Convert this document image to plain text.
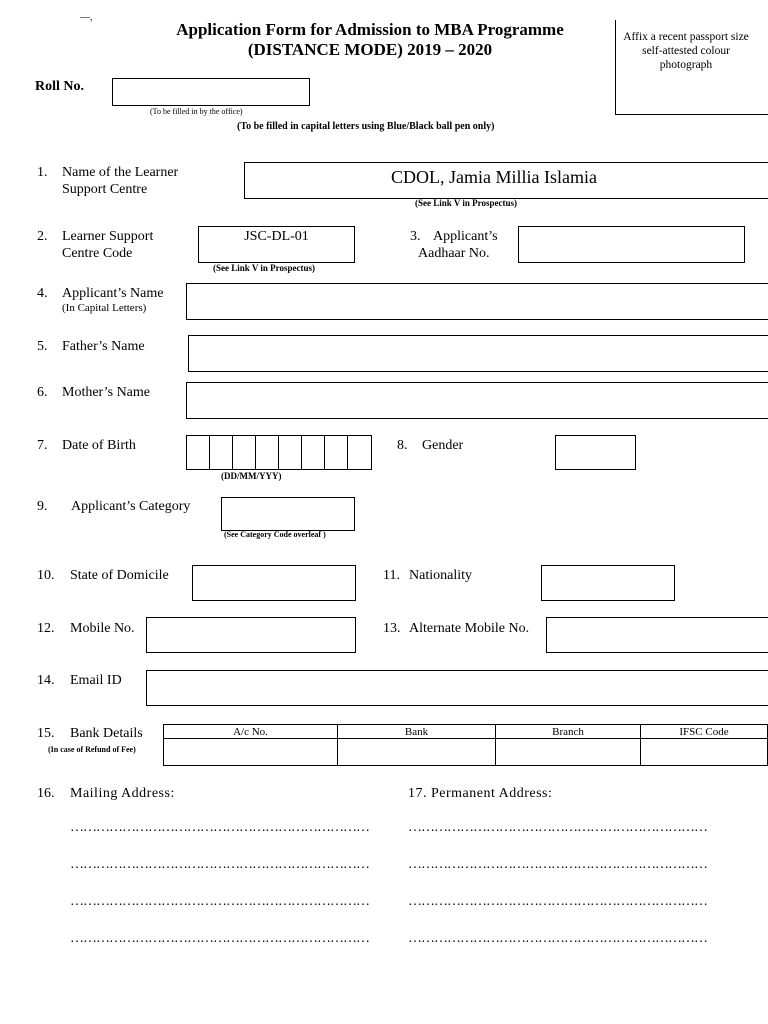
—,
Application Form for Admission to MBA Programme
(DISTANCE MODE) 2019 – 2020
Affix a recent passport size self-attested colour photograph
Roll No.
(To be filled in by the office)
(To be filled in capital letters using Blue/Black ball pen only)
1. Name of the Learner
Support Centre
CDOL, Jamia Millia Islamia
(See Link V in Prospectus)
2. Learner Support
Centre Code
JSC-DL-01
(See Link V in Prospectus)
3. Applicant’s
Aadhaar No.
4. Applicant’s Name
(In Capital Letters)
5. Father’s Name
6. Mother’s Name
7. Date of Birth
(DD/MM/YYY)
8. Gender
9. Applicant’s Category
(See Category Code overleaf )
10. State of Domicile	11. Nationality
12. Mobile No.	13. Alternate Mobile No.
14. Email ID
15. Bank Details
(In case of Refund of Fee)
A/c No.	Bank	Branch	IFSC Code

16. Mailing Address:	17. Permanent Address:
……………………………………………………………
……………………………………………………………
……………………………………………………………
……………………………………………………………
……………………………………………………………
……………………………………………………………
……………………………………………………………
……………………………………………………………
